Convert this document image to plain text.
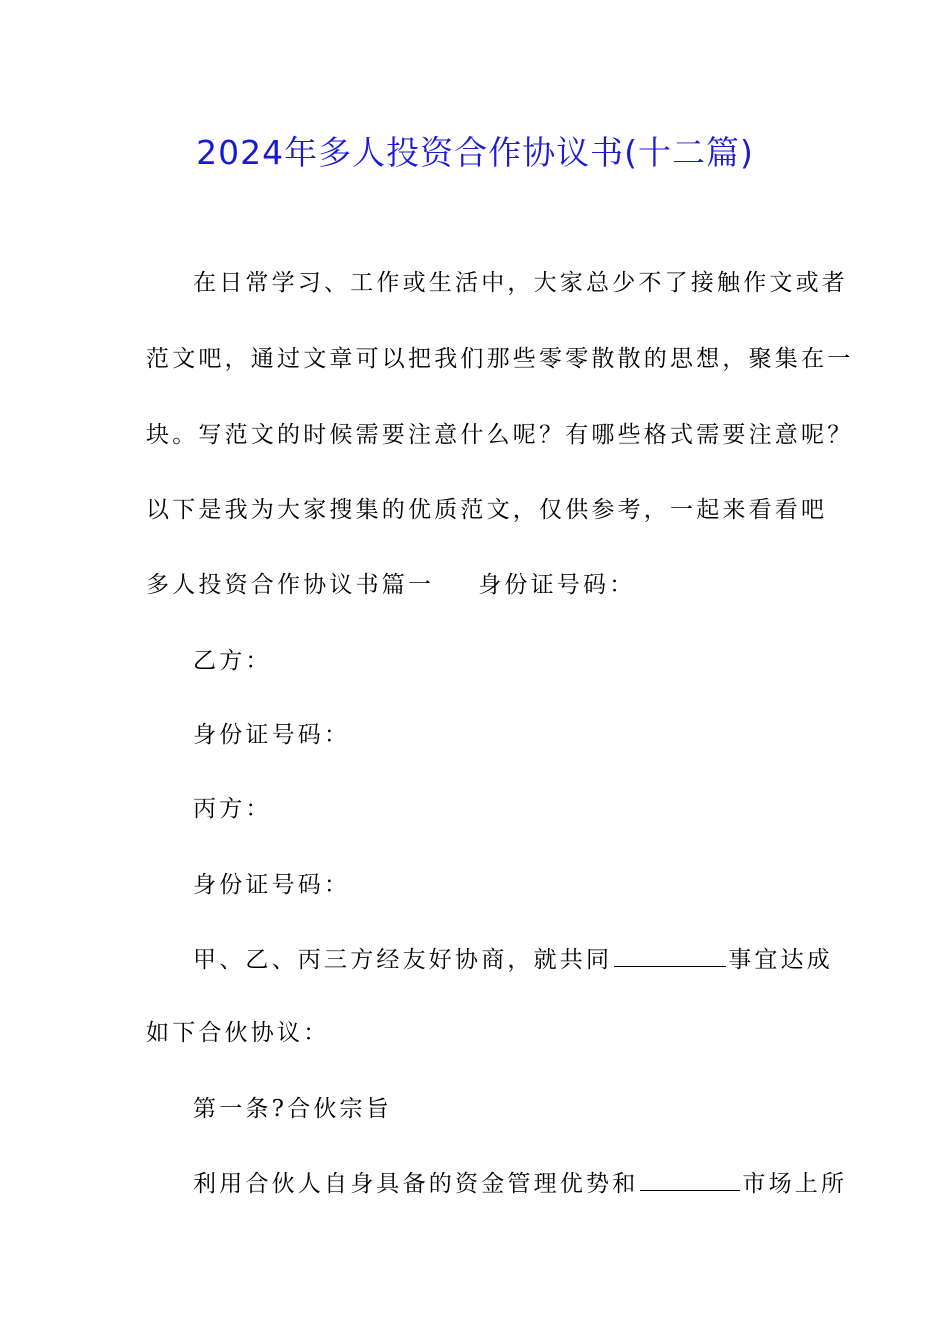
2024年多人投资合作协议书(十二篇)
在日常学习、工作或生活中，大家总少不了接触作文或者
范文吧，通过文章可以把我们那些零零散散的思想，聚集在一
块。写范文的时候需要注意什么呢？有哪些格式需要注意呢？
以下是我为大家搜集的优质范文，仅供参考，一起来看看吧
多人投资合作协议书篇一 身份证号码：
乙方：
身份证号码：
丙方：
身份证号码：
甲、乙、丙三方经友好协商，就共同	事宜达成
如下合伙协议：
第一条?合伙宗旨
利用合伙人自身具备的资金管理优势和	市场上所
